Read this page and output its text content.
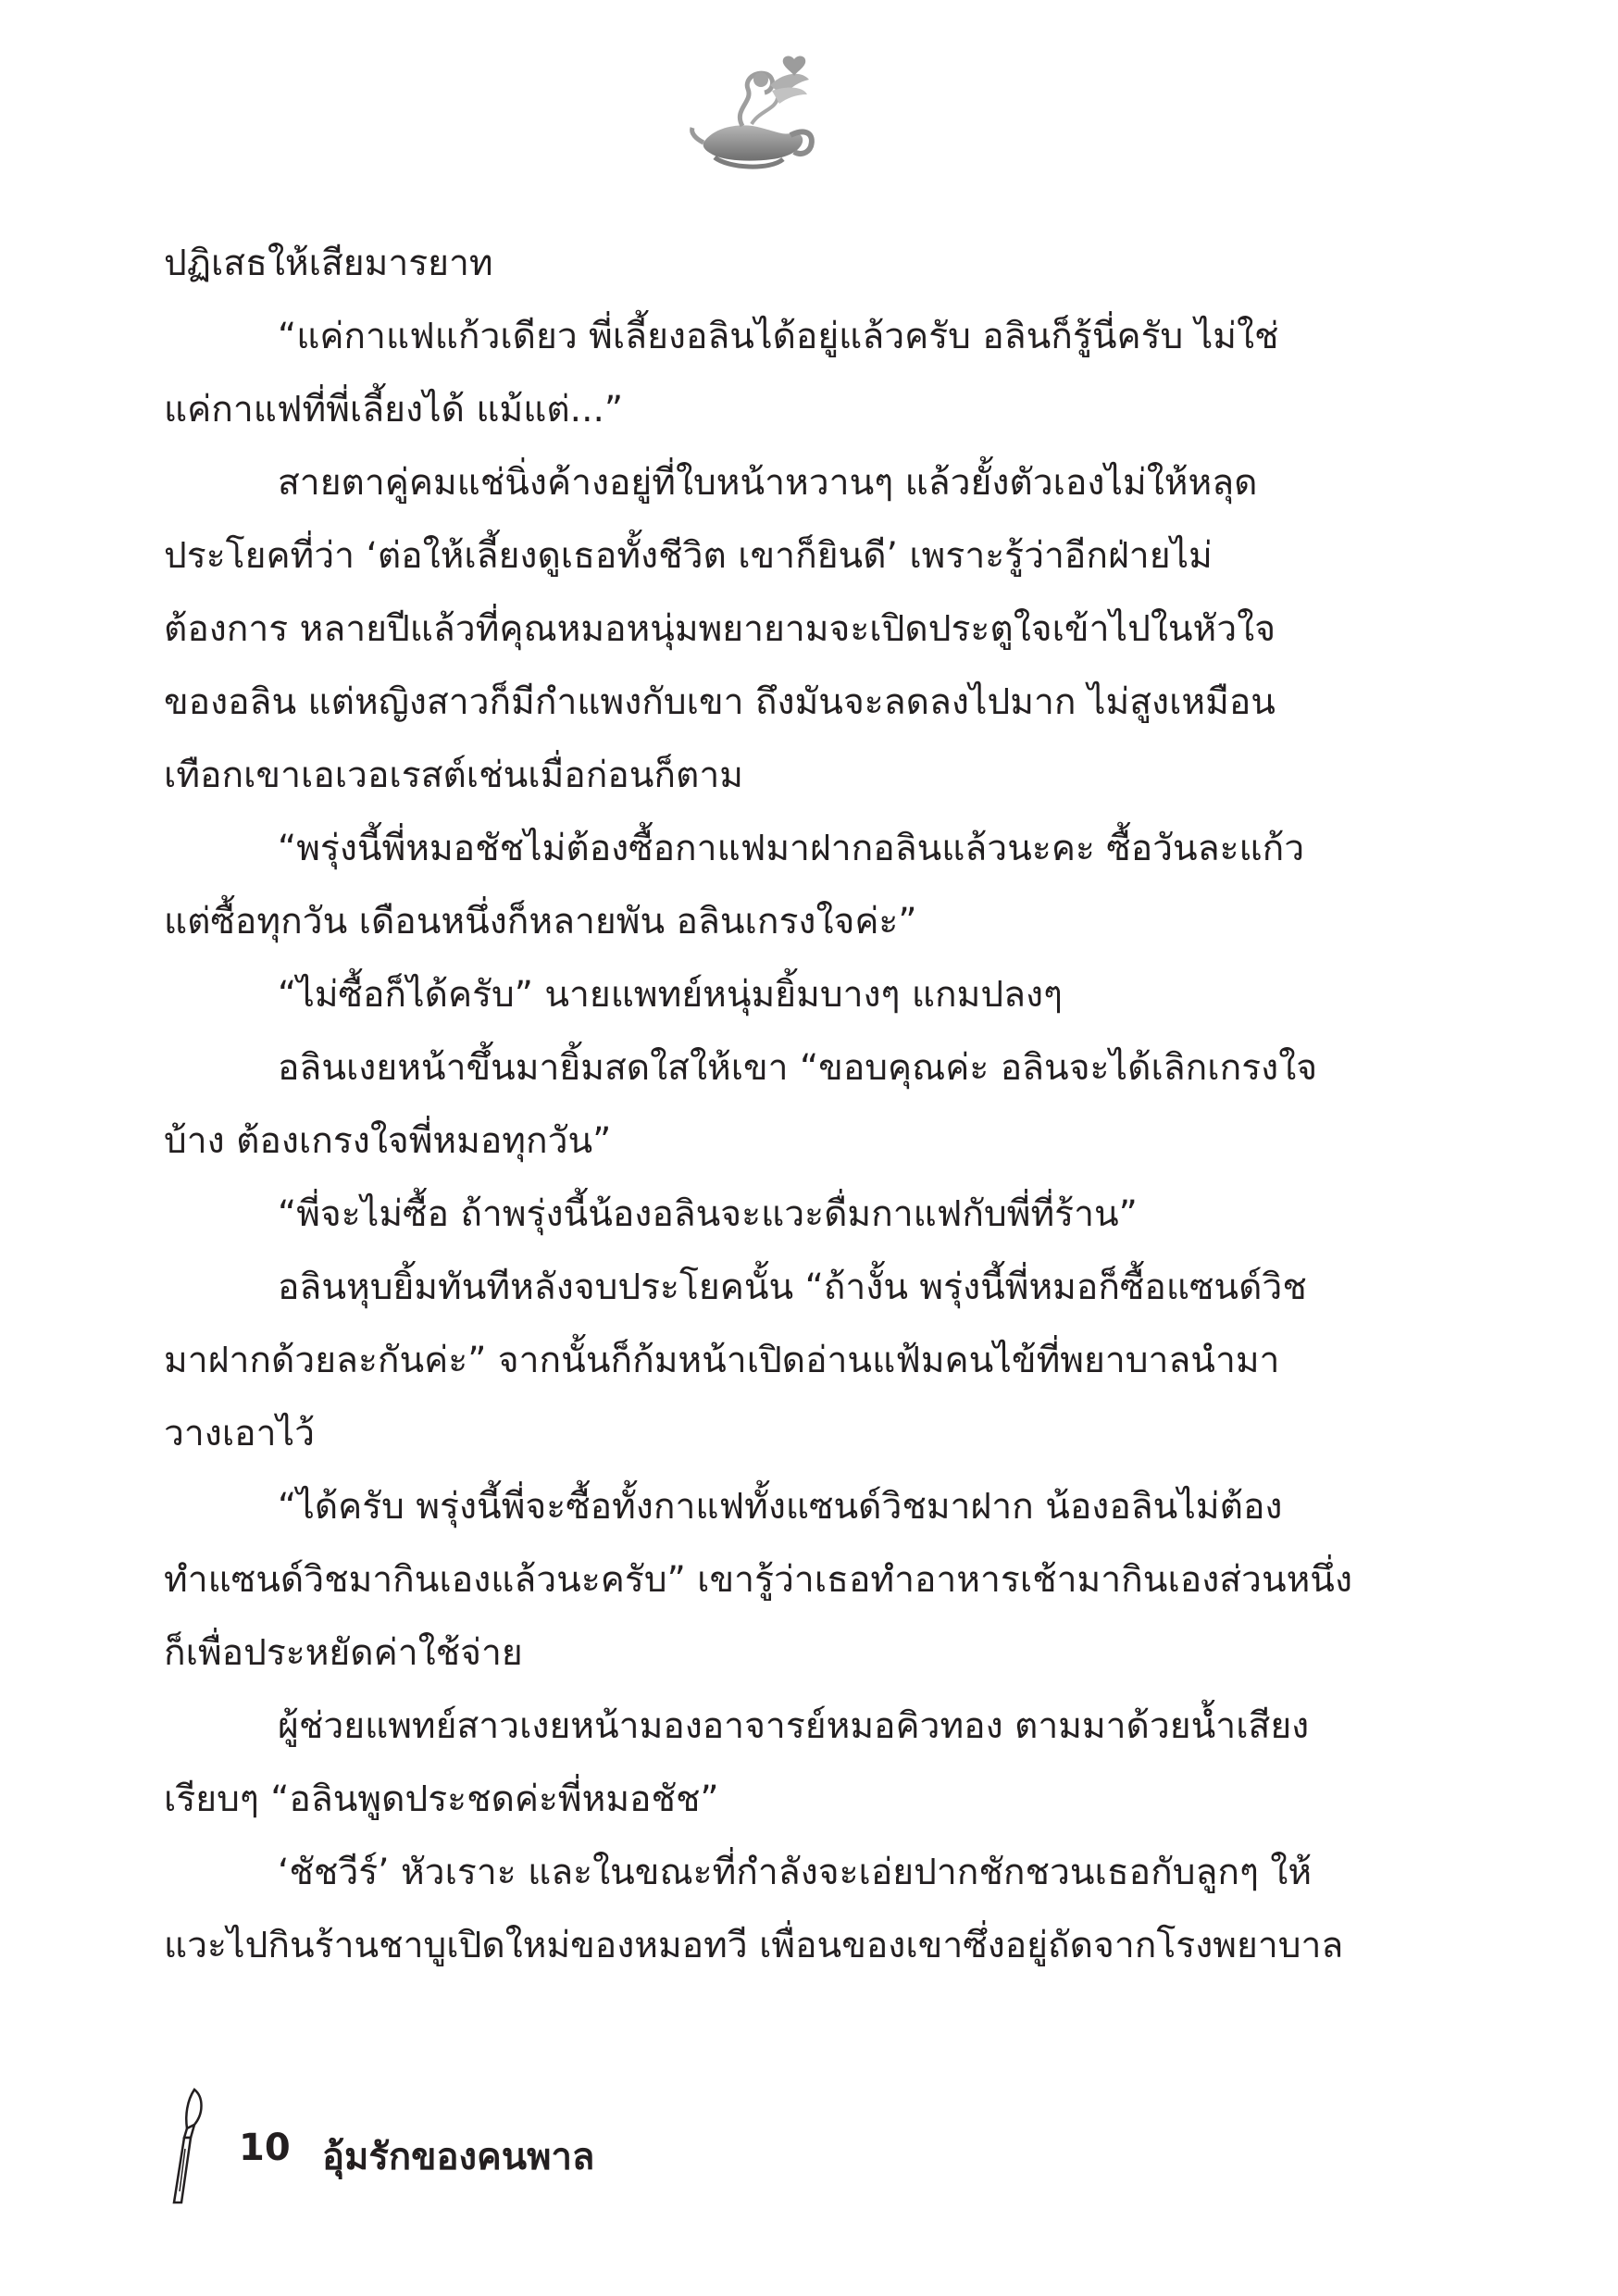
ปฏิเสธให้เสียมารยาท
“แค่กาแฟแก้วเดียว พี่เลี้ยงอลินได้อยู่แล้วครับ อลินก็รู้นี่ครับ ไม่ใช่
แค่กาแฟที่พี่เลี้ยงได้ แม้แต่...”
สายตาคู่คมแช่นิ่งค้างอยู่ที่ใบหน้าหวานๆ แล้วยั้งตัวเองไม่ให้หลุด
ประโยคที่ว่า ‘ต่อให้เลี้ยงดูเธอทั้งชีวิต เขาก็ยินดี’ เพราะรู้ว่าอีกฝ่ายไม่
ต้องการ หลายปีแล้วที่คุณหมอหนุ่มพยายามจะเปิดประตูใจเข้าไปในหัวใจ
ของอลิน แต่หญิงสาวก็มีกำแพงกับเขา ถึงมันจะลดลงไปมาก ไม่สูงเหมือน
เทือกเขาเอเวอเรสต์เช่นเมื่อก่อนก็ตาม
“พรุ่งนี้พี่หมอชัชไม่ต้องซื้อกาแฟมาฝากอลินแล้วนะคะ ซื้อวันละแก้ว
แต่ซื้อทุกวัน เดือนหนึ่งก็หลายพัน อลินเกรงใจค่ะ”
“ไม่ซื้อก็ได้ครับ” นายแพทย์หนุ่มยิ้มบางๆ แกมปลงๆ
อลินเงยหน้าขึ้นมายิ้มสดใสให้เขา “ขอบคุณค่ะ อลินจะได้เลิกเกรงใจ
บ้าง ต้องเกรงใจพี่หมอทุกวัน”
“พี่จะไม่ซื้อ ถ้าพรุ่งนี้น้องอลินจะแวะดื่มกาแฟกับพี่ที่ร้าน”
อลินหุบยิ้มทันทีหลังจบประโยคนั้น “ถ้างั้น พรุ่งนี้พี่หมอก็ซื้อแซนด์วิช
มาฝากด้วยละกันค่ะ” จากนั้นก็ก้มหน้าเปิดอ่านแฟ้มคนไข้ที่พยาบาลนำมา
วางเอาไว้
“ได้ครับ พรุ่งนี้พี่จะซื้อทั้งกาแฟทั้งแซนด์วิชมาฝาก น้องอลินไม่ต้อง
ทำแซนด์วิชมากินเองแล้วนะครับ” เขารู้ว่าเธอทำอาหารเช้ามากินเองส่วนหนึ่ง
ก็เพื่อประหยัดค่าใช้จ่าย
ผู้ช่วยแพทย์สาวเงยหน้ามองอาจารย์หมอคิวทอง ตามมาด้วยน้ำเสียง
เรียบๆ “อลินพูดประชดค่ะพี่หมอชัช”
‘ชัชวีร์’ หัวเราะ และในขณะที่กำลังจะเอ่ยปากชักชวนเธอกับลูกๆ ให้
แวะไปกินร้านชาบูเปิดใหม่ของหมอทวี เพื่อนของเขาซึ่งอยู่ถัดจากโรงพยาบาล
10 อุ้มรักของคนพาล
